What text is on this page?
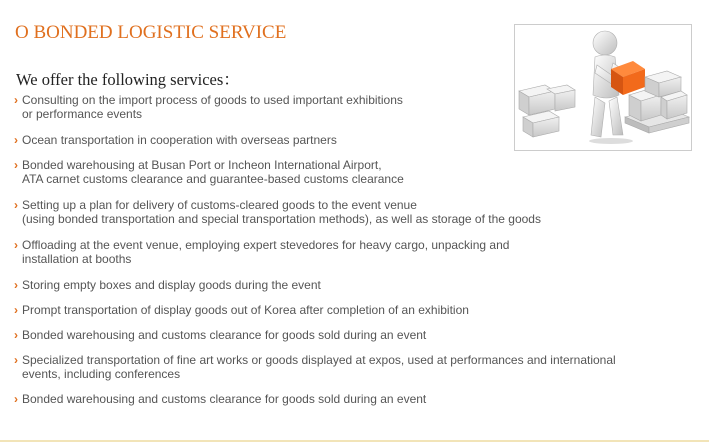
O BONDED LOGISTIC SERVICE

We offer the following services：

› Consulting on the import process of goods to used important exhibitions
or performance events
› Ocean transportation in cooperation with overseas partners
› Bonded warehousing at Busan Port or Incheon International Airport,
ATA carnet customs clearance and guarantee-based customs clearance
› Setting up a plan for delivery of customs-cleared goods to the event venue
(using bonded transportation and special transportation methods), as well as storage of the goods
› Offloading at the event venue, employing expert stevedores for heavy cargo, unpacking and
installation at booths
› Storing empty boxes and display goods during the event
› Prompt transportation of display goods out of Korea after completion of an exhibition
› Bonded warehousing and customs clearance for goods sold during an event
› Specialized transportation of fine art works or goods displayed at expos, used at performances and international
events, including conferences
› Bonded warehousing and customs clearance for goods sold during an event
